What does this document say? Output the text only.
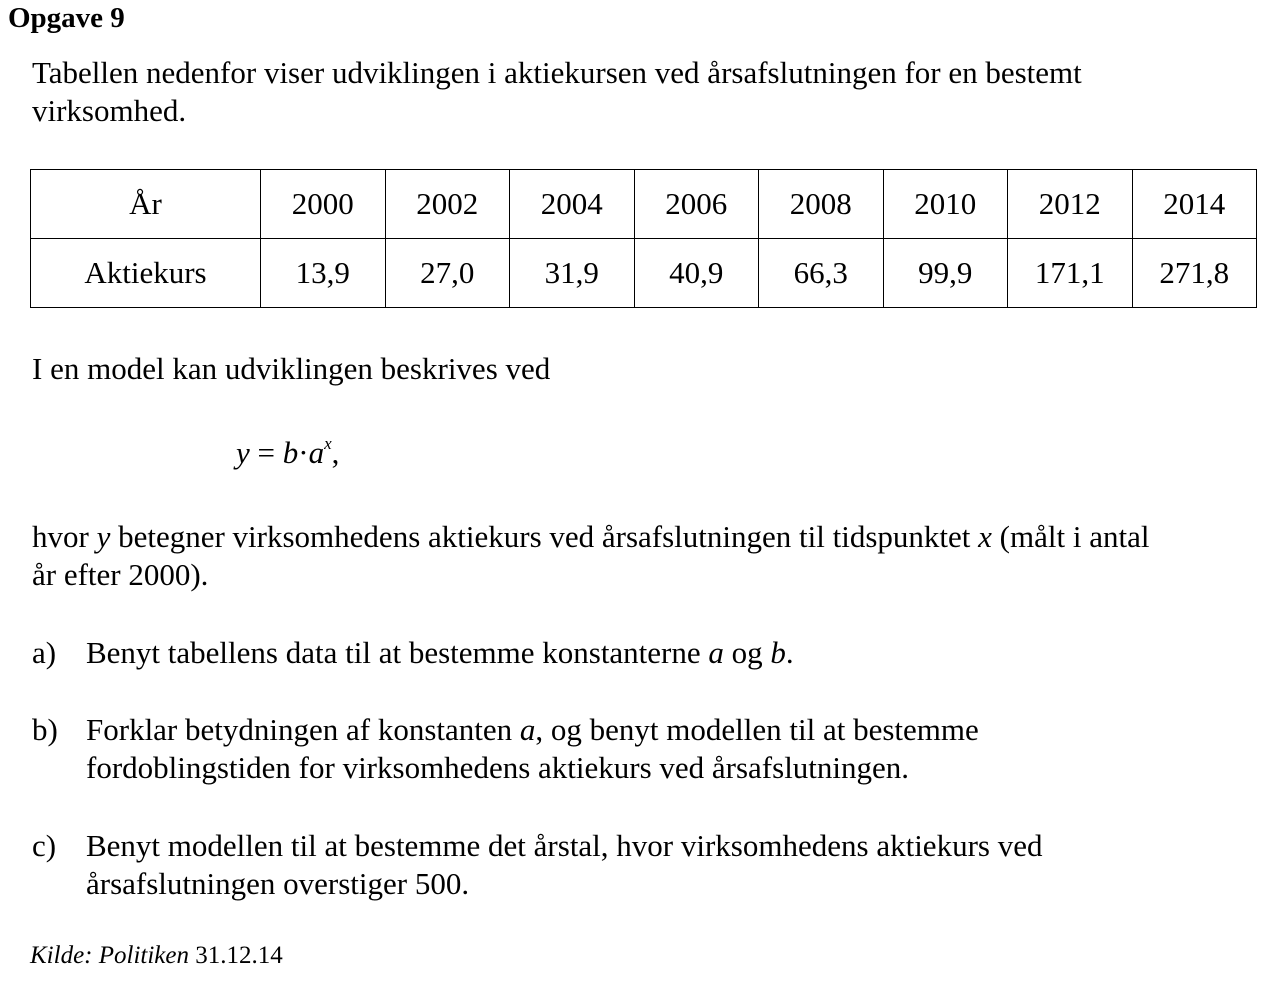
Opgave 9
Tabellen nedenfor viser udviklingen i aktiekursen ved årsafslutningen for en bestemt
virksomhed.
År	2000	2002	2004	2006	2008	2010	2012	2014
Aktiekurs	13,9	27,0	31,9	40,9	66,3	99,9	171,1	271,8
I en model kan udviklingen beskrives ved
$y = b\cdot a^x$,
hvor y betegner virksomhedens aktiekurs ved årsafslutningen til tidspunktet x (målt i antal
år efter 2000).
a) Benyt tabellens data til at bestemme konstanterne a og b.
b) Forklar betydningen af konstanten a, og benyt modellen til at bestemme
fordoblingstiden for virksomhedens aktiekurs ved årsafslutningen.
c) Benyt modellen til at bestemme det årstal, hvor virksomhedens aktiekurs ved
årsafslutningen overstiger 500.
Kilde: Politiken 31.12.14
